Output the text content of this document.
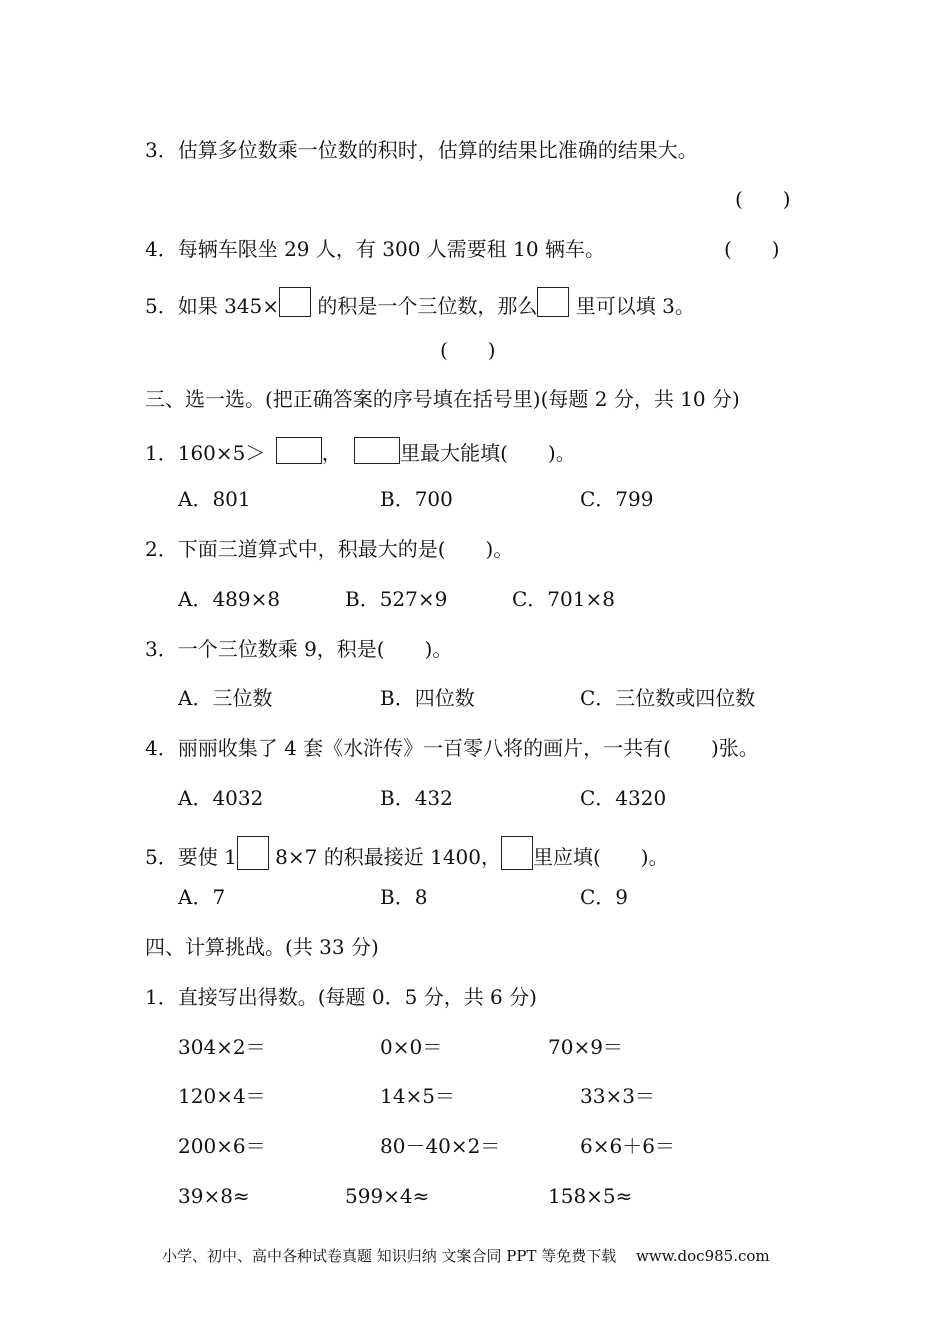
3．估算多位数乘一位数的积时，估算的结果比准确的结果大。
(　　)
4．每辆车限坐 29 人，有 300 人需要租 10 辆车。	(　　)
5．如果 345× 的积是一个三位数，那么 里可以填 3。
(　　)
三、选一选。(把正确答案的序号填在括号里)(每题 2 分，共 10 分)
1．160×5＞	，	里最大能填(　　)。
A．801	B．700	C．799
2．下面三道算式中，积最大的是(　　)。
A．489×8	B．527×9	C．701×8
3．一个三位数乘 9，积是(　　)。
A．三位数	B．四位数	C．三位数或四位数
4．丽丽收集了 4 套《水浒传》一百零八将的画片，一共有(　　)张。
A．4032	B．432	C．4320
5．要使 1 8×7 的积最接近 1400， 里应填(　　)。
A．7	B．8	C．9
四、计算挑战。(共 33 分)
1．直接写出得数。(每题 0．5 分，共 6 分)
304×2＝	0×0＝	70×9＝
120×4＝	14×5＝	33×3＝
200×6＝	80－40×2＝	6×6＋6＝
39×8≈	599×4≈	158×5≈
小学、初中、高中各种试卷真题 知识归纳 文案合同 PPT 等免费下载　 www.doc985.com
